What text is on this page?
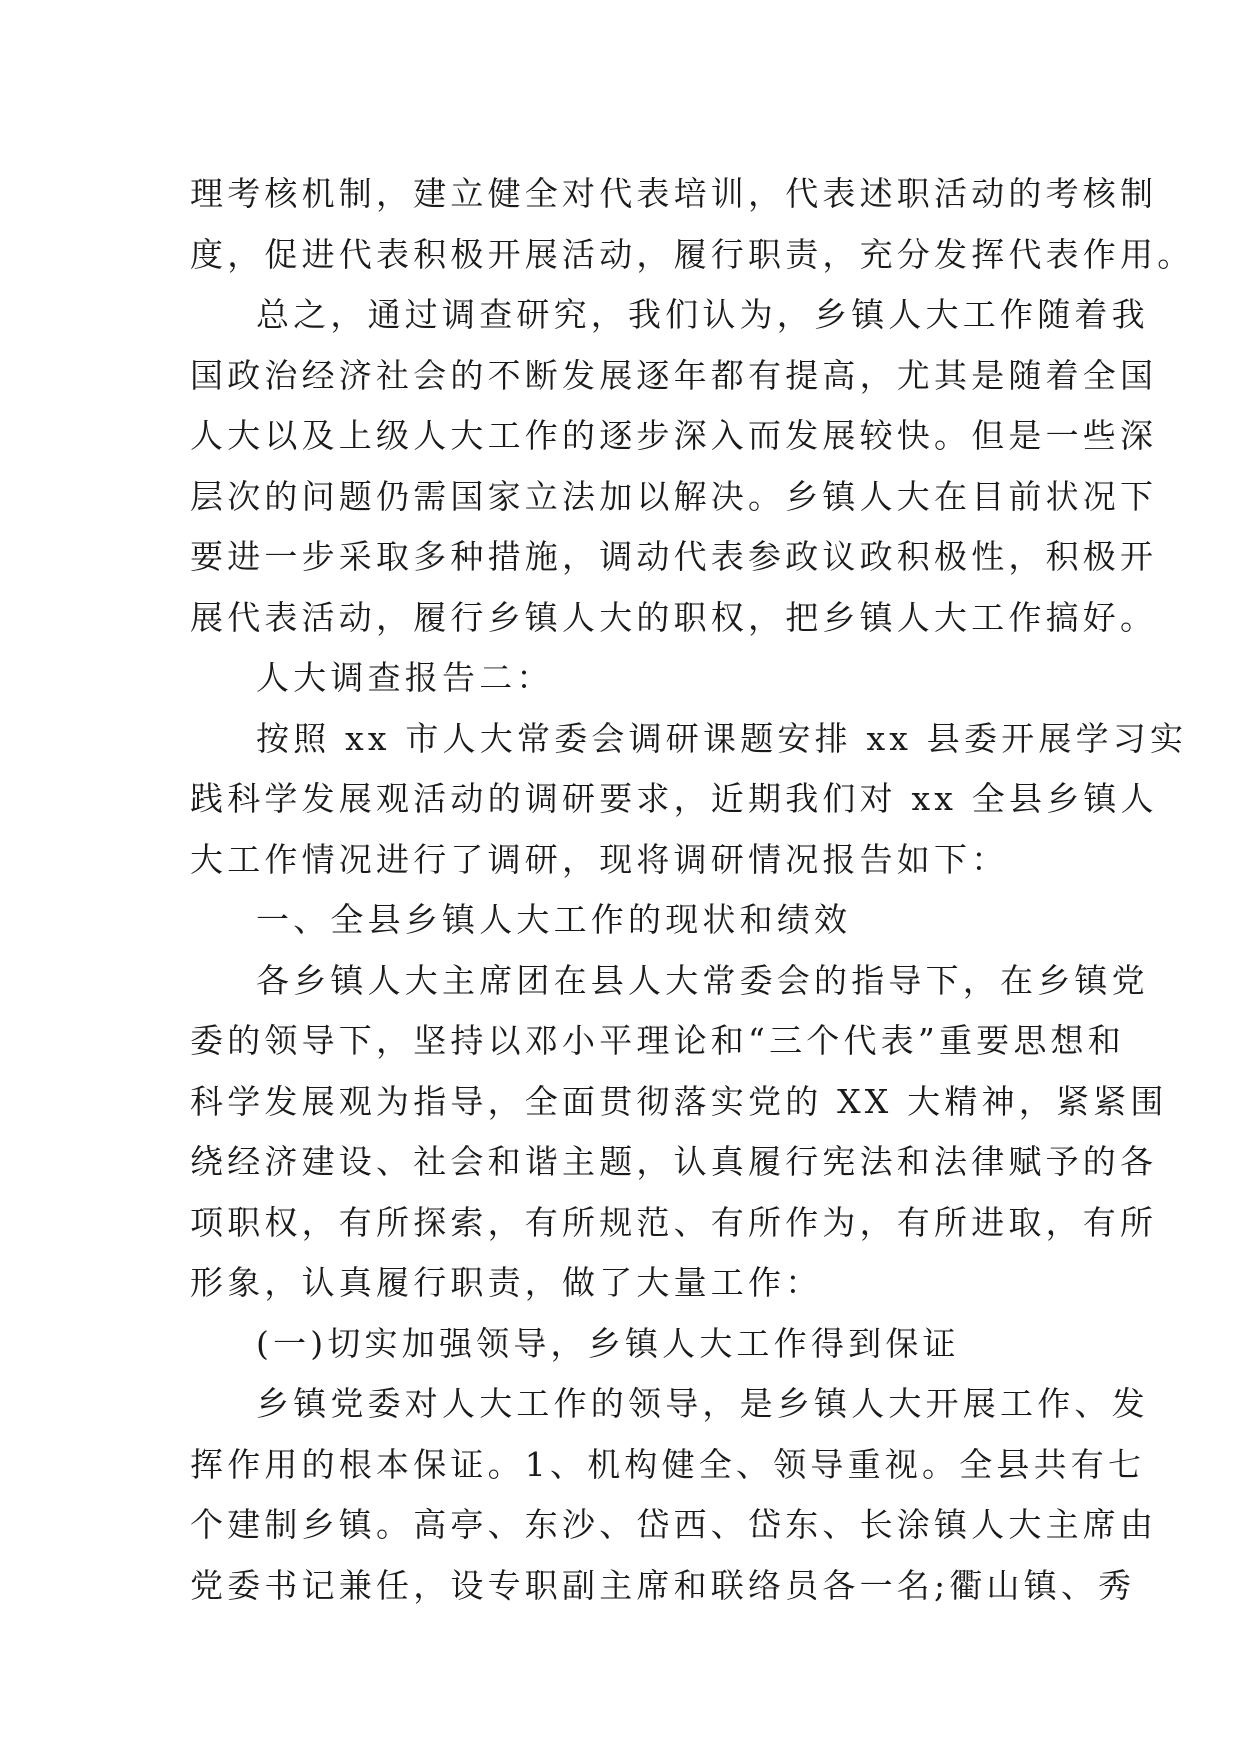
理考核机制，建立健全对代表培训，代表述职活动的考核制
度，促进代表积极开展活动，履行职责，充分发挥代表作用。
总之，通过调查研究，我们认为，乡镇人大工作随着我
国政治经济社会的不断发展逐年都有提高，尤其是随着全国
人大以及上级人大工作的逐步深入而发展较快。但是一些深
层次的问题仍需国家立法加以解决。乡镇人大在目前状况下
要进一步采取多种措施，调动代表参政议政积极性，积极开
展代表活动，履行乡镇人大的职权，把乡镇人大工作搞好。
人大调查报告二：
按照 xx 市人大常委会调研课题安排 xx 县委开展学习实
践科学发展观活动的调研要求，近期我们对 xx 全县乡镇人
大工作情况进行了调研，现将调研情况报告如下：
一、全县乡镇人大工作的现状和绩效
各乡镇人大主席团在县人大常委会的指导下，在乡镇党
委的领导下，坚持以邓小平理论和“三个代表”重要思想和
科学发展观为指导，全面贯彻落实党的 XX 大精神，紧紧围
绕经济建设、社会和谐主题，认真履行宪法和法律赋予的各
项职权，有所探索，有所规范、有所作为，有所进取，有所
形象，认真履行职责，做了大量工作：
(一)切实加强领导，乡镇人大工作得到保证
乡镇党委对人大工作的领导，是乡镇人大开展工作、发
挥作用的根本保证。1、机构健全、领导重视。全县共有七
个建制乡镇。高亭、东沙、岱西、岱东、长涂镇人大主席由
党委书记兼任，设专职副主席和联络员各一名;衢山镇、秀
